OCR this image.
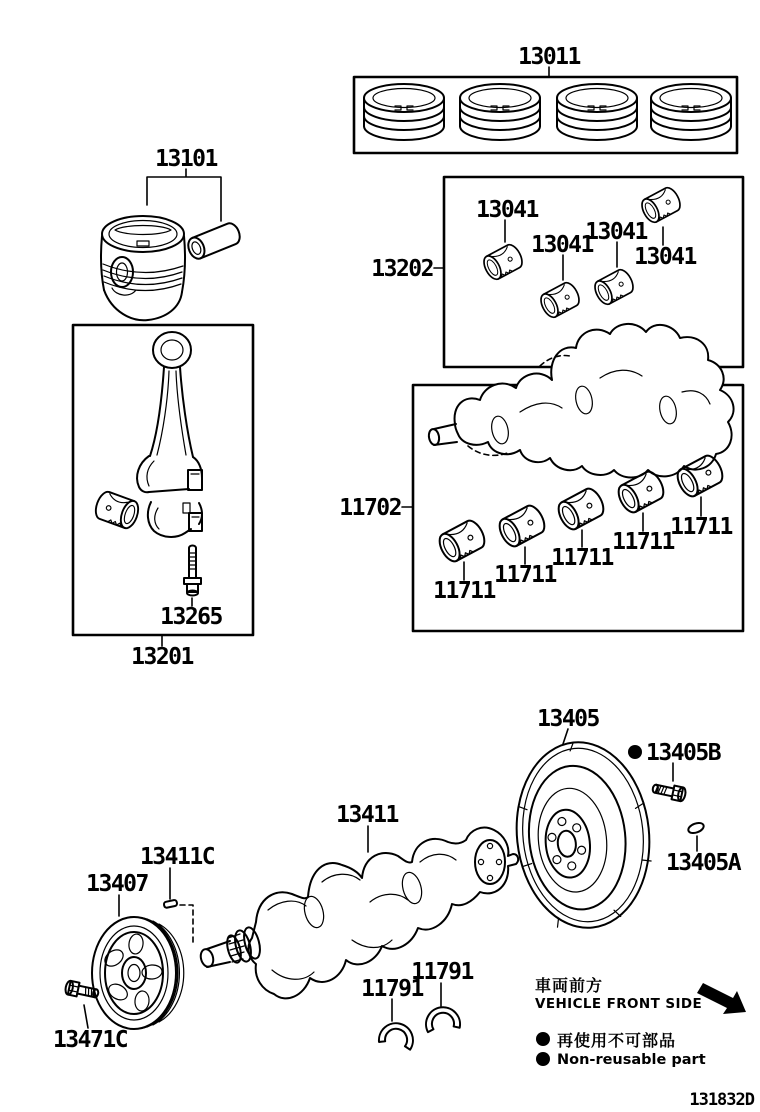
13011
13101
13265
13201
13202
11702
13041
13041
13041
13041
11711
11711
11711
11711
11711
13405
13405B
13405A
13411
13411C
11791
11791
13407
13471C
車両前方
VEHICLE FRONT SIDE
再使用不可部品
Non-reusable part
131832D
